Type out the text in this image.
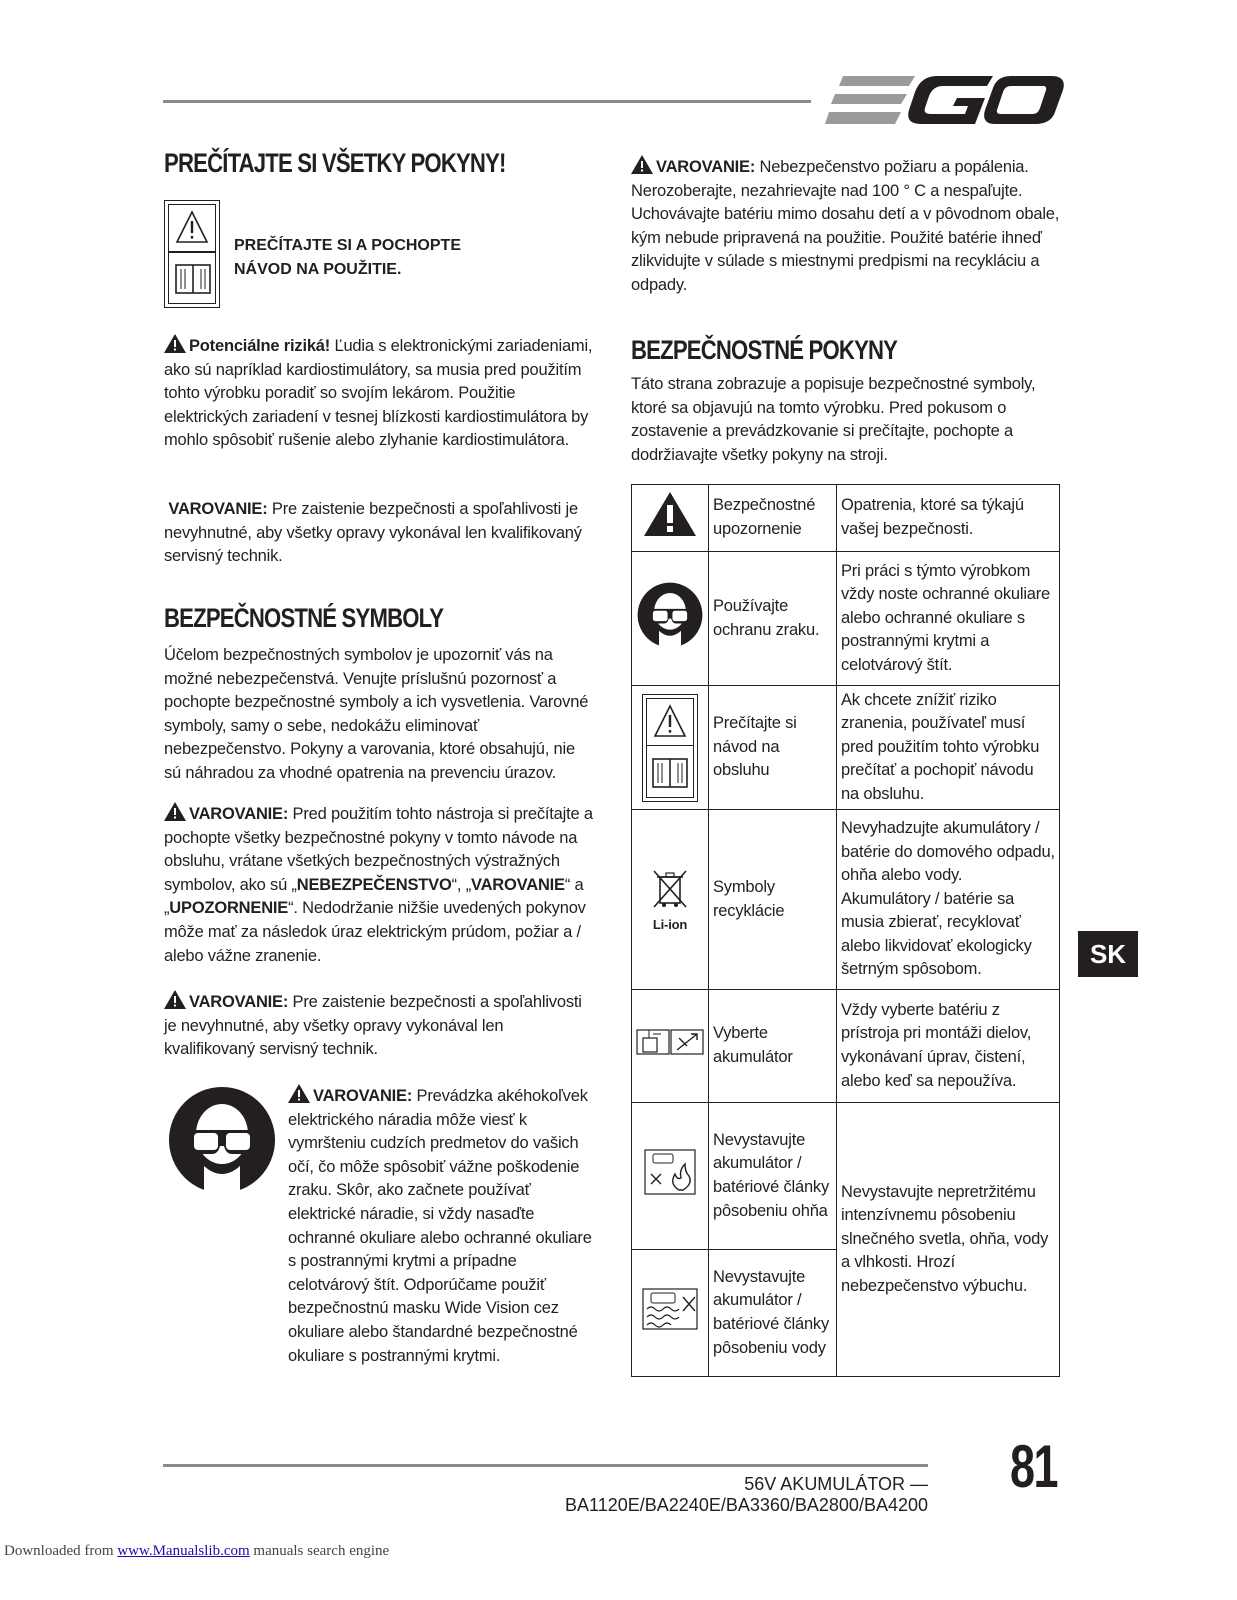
PREČÍTAJTE SI VŠETKY POKYNY!
PREČÍTAJTE SI A POCHOPTE
NÁVOD NA POUŽITIE.

Potenciálne riziká! Ľudia s elektronickými zariadeniami, ako sú napríklad kardiostimulátory, sa musia pred použitím tohto výrobku poradiť so svojím lekárom. Použitie elektrických zariadení v tesnej blízkosti kardiostimulátora by mohlo spôsobiť rušenie alebo zlyhanie kardiostimulátora.

VAROVANIE: Pre zaistenie bezpečnosti a spoľahlivosti je nevyhnutné, aby všetky opravy vykonával len kvalifikovaný servisný technik.

BEZPEČNOSTNÉ SYMBOLY

Účelom bezpečnostných symbolov je upozorniť vás na možné nebezpečenstvá. Venujte príslušnú pozornosť a pochopte bezpečnostné symboly a ich vysvetlenia. Varovné symboly, samy o sebe, nedokážu eliminovať nebezpečenstvo. Pokyny a varovania, ktoré obsahujú, nie sú náhradou za vhodné opatrenia na prevenciu úrazov.

VAROVANIE: Pred použitím tohto nástroja si prečítajte a pochopte všetky bezpečnostné pokyny v tomto návode na obsluhu, vrátane všetkých bezpečnostných výstražných symbolov, ako sú „NEBEZPEČENSTVO“, „VAROVANIE“ a „UPOZORNENIE“. Nedodržanie nižšie uvedených pokynov môže mať za následok úraz elektrickým prúdom, požiar a / alebo vážne zranenie.

VAROVANIE: Pre zaistenie bezpečnosti a spoľahlivosti je nevyhnutné, aby všetky opravy vykonával len kvalifikovaný servisný technik.

VAROVANIE: Prevádzka akéhokoľvek elektrického náradia môže viesť k vymršteniu cudzích predmetov do vašich očí, čo môže spôsobiť vážne poškodenie zraku. Skôr, ako začnete používať elektrické náradie, si vždy nasaďte ochranné okuliare alebo ochranné okuliare s postrannými krytmi a prípadne celotvárový štít. Odporúčame použiť bezpečnostnú masku Wide Vision cez okuliare alebo štandardné bezpečnostné okuliare s postrannými krytmi.

VAROVANIE: Nebezpečenstvo požiaru a popálenia. Nerozoberajte, nezahrievajte nad 100 ° C a nespaľujte. Uchovávajte batériu mimo dosahu detí a v pôvodnom obale, kým nebude pripravená na použitie. Použité batérie ihneď zlikvidujte v súlade s miestnymi predpismi na recykláciu a odpady.

BEZPEČNOSTNÉ POKYNY

Táto strana zobrazuje a popisuje bezpečnostné symboly, ktoré sa objavujú na tomto výrobku. Pred pokusom o zostavenie a prevádzkovanie si prečítajte, pochopte a dodržiavajte všetky pokyny na stroji.

	Bezpečnostné upozornenie	Opatrenia, ktoré sa týkajú vašej bezpečnosti.
	Používajte ochranu zraku.	Pri práci s týmto výrobkom vždy noste ochranné okuliare alebo ochranné okuliare s postrannými krytmi a celotvárový štít.

	Prečítajte si návod na obsluhu	Ak chcete znížiť riziko zranenia, používateľ musí pred použitím tohto výrobku prečítať a pochopiť návodu na obsluhu.

Li-ion	Symboly recyklácie	Nevyhadzujte akumulátory / batérie do domového odpadu, ohňa alebo vody. Akumulátory / batérie sa musia zbierať, recyklovať alebo likvidovať ekologicky šetrným spôsobom.
	Vyberte akumulátor	Vždy vyberte batériu z prístroja pri montáži dielov, vykonávaní úprav, čistení, alebo keď sa nepoužíva.
	Nevystavujte akumulátor / batériové články pôsobeniu ohňa	Nevystavujte nepretržitému intenzívnemu pôsobeniu slnečného svetla, ohňa, vody a vlhkosti. Hrozí nebezpečenstvo výbuchu.
	Nevystavujte akumulátor / batériové články pôsobeniu vody	
SK
56V AKUMULÁTOR — BA1120E/BA2240E/BA3360/BA2800/BA4200
81
Downloaded from www.Manualslib.com manuals search engine
